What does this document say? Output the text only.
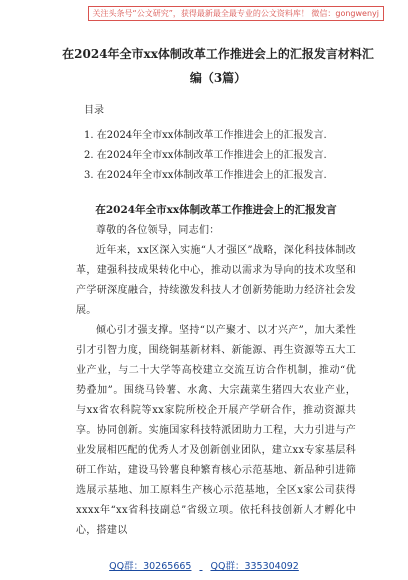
关注头条号“公文研究”，获得最新最全最专业的公文资料库！ 微信：gongwenyj
在2024年全市xx体制改革工作推进会上的汇报发言材料汇编（3篇）
目录
1. 在2024年全市xx体制改革工作推进会上的汇报发言.
2. 在2024年全市xx体制改革工作推进会上的汇报发言.
3. 在2024年全市xx体制改革工作推进会上的汇报发言.
在2024年全市xx体制改革工作推进会上的汇报发言

尊敬的各位领导，同志们：

近年来，xx区深入实施“人才强区”战略，深化科技体制改革，建强科技成果转化中心，推动以需求为导向的技术攻坚和产学研深度融合，持续激发科技人才创新势能助力经济社会发展。

倾心引才强支撑。坚持“以产聚才、以才兴产”，加大柔性引才引智力度，围绕铜基新材料、新能源、再生资源等五大工业产业，与二十大学等高校建立交流互访合作机制，推动“优势叠加”。围绕马铃薯、水禽、大宗蔬菜生猪四大农业产业，与xx省农科院等xx家院所校企开展产学研合作，推动资源共享。协同创新。实施国家科技特派团助力工程，大力引进与产业发展相匹配的优秀人才及创新创业团队，建立xx专家基层科研工作站，建设马铃薯良种繁育核心示范基地、新品种引进筛选展示基地、加工原料生产核心示范基地，全区x家公司获得xxxx年“xx省科技副总”省级立项。依托科技创新人才孵化中心，搭建以

QQ群：30265665 QQ群：335304092
